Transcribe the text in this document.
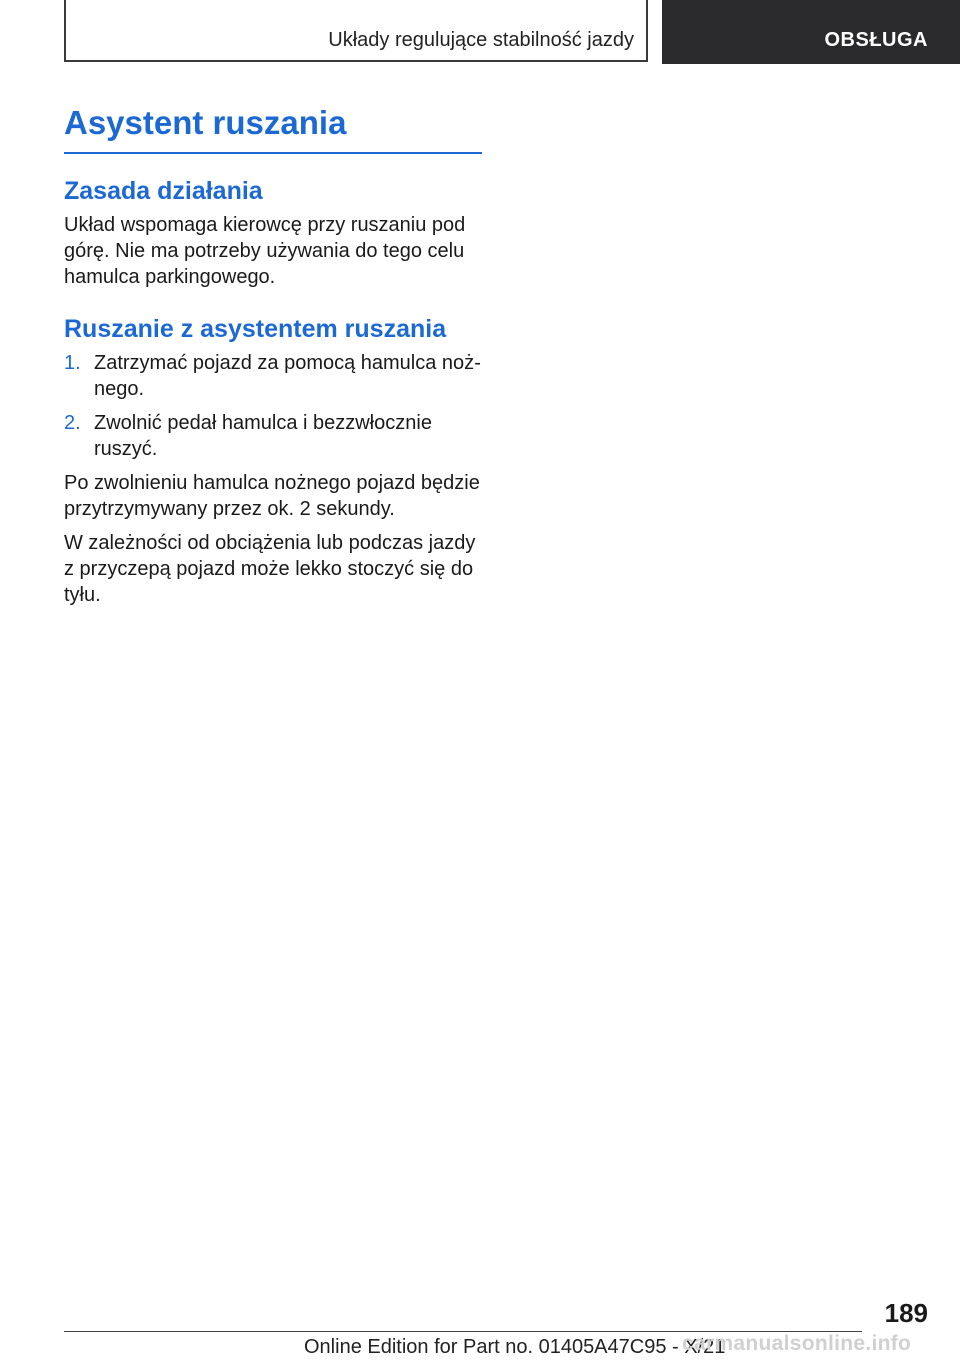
Układy regulujące stabilność jazdy	OBSŁUGA
Asystent ruszania
Zasada działania

Układ wspomaga kierowcę przy ruszaniu pod górę. Nie ma potrzeby używania do tego celu hamulca parkingowego.

Ruszanie z asystentem ruszania
1. Zatrzymać pojazd za pomocą hamulca nożnego.
2. Zwolnić pedał hamulca i bezzwłocznie ruszyć.

Po zwolnieniu hamulca nożnego pojazd będzie przytrzymywany przez ok. 2 sekundy.

W zależności od obciążenia lub podczas jazdy z przyczepą pojazd może lekko stoczyć się do tyłu.

189
Online Edition for Part no. 01405A47C95 - X/21
carmanualsonline.info
